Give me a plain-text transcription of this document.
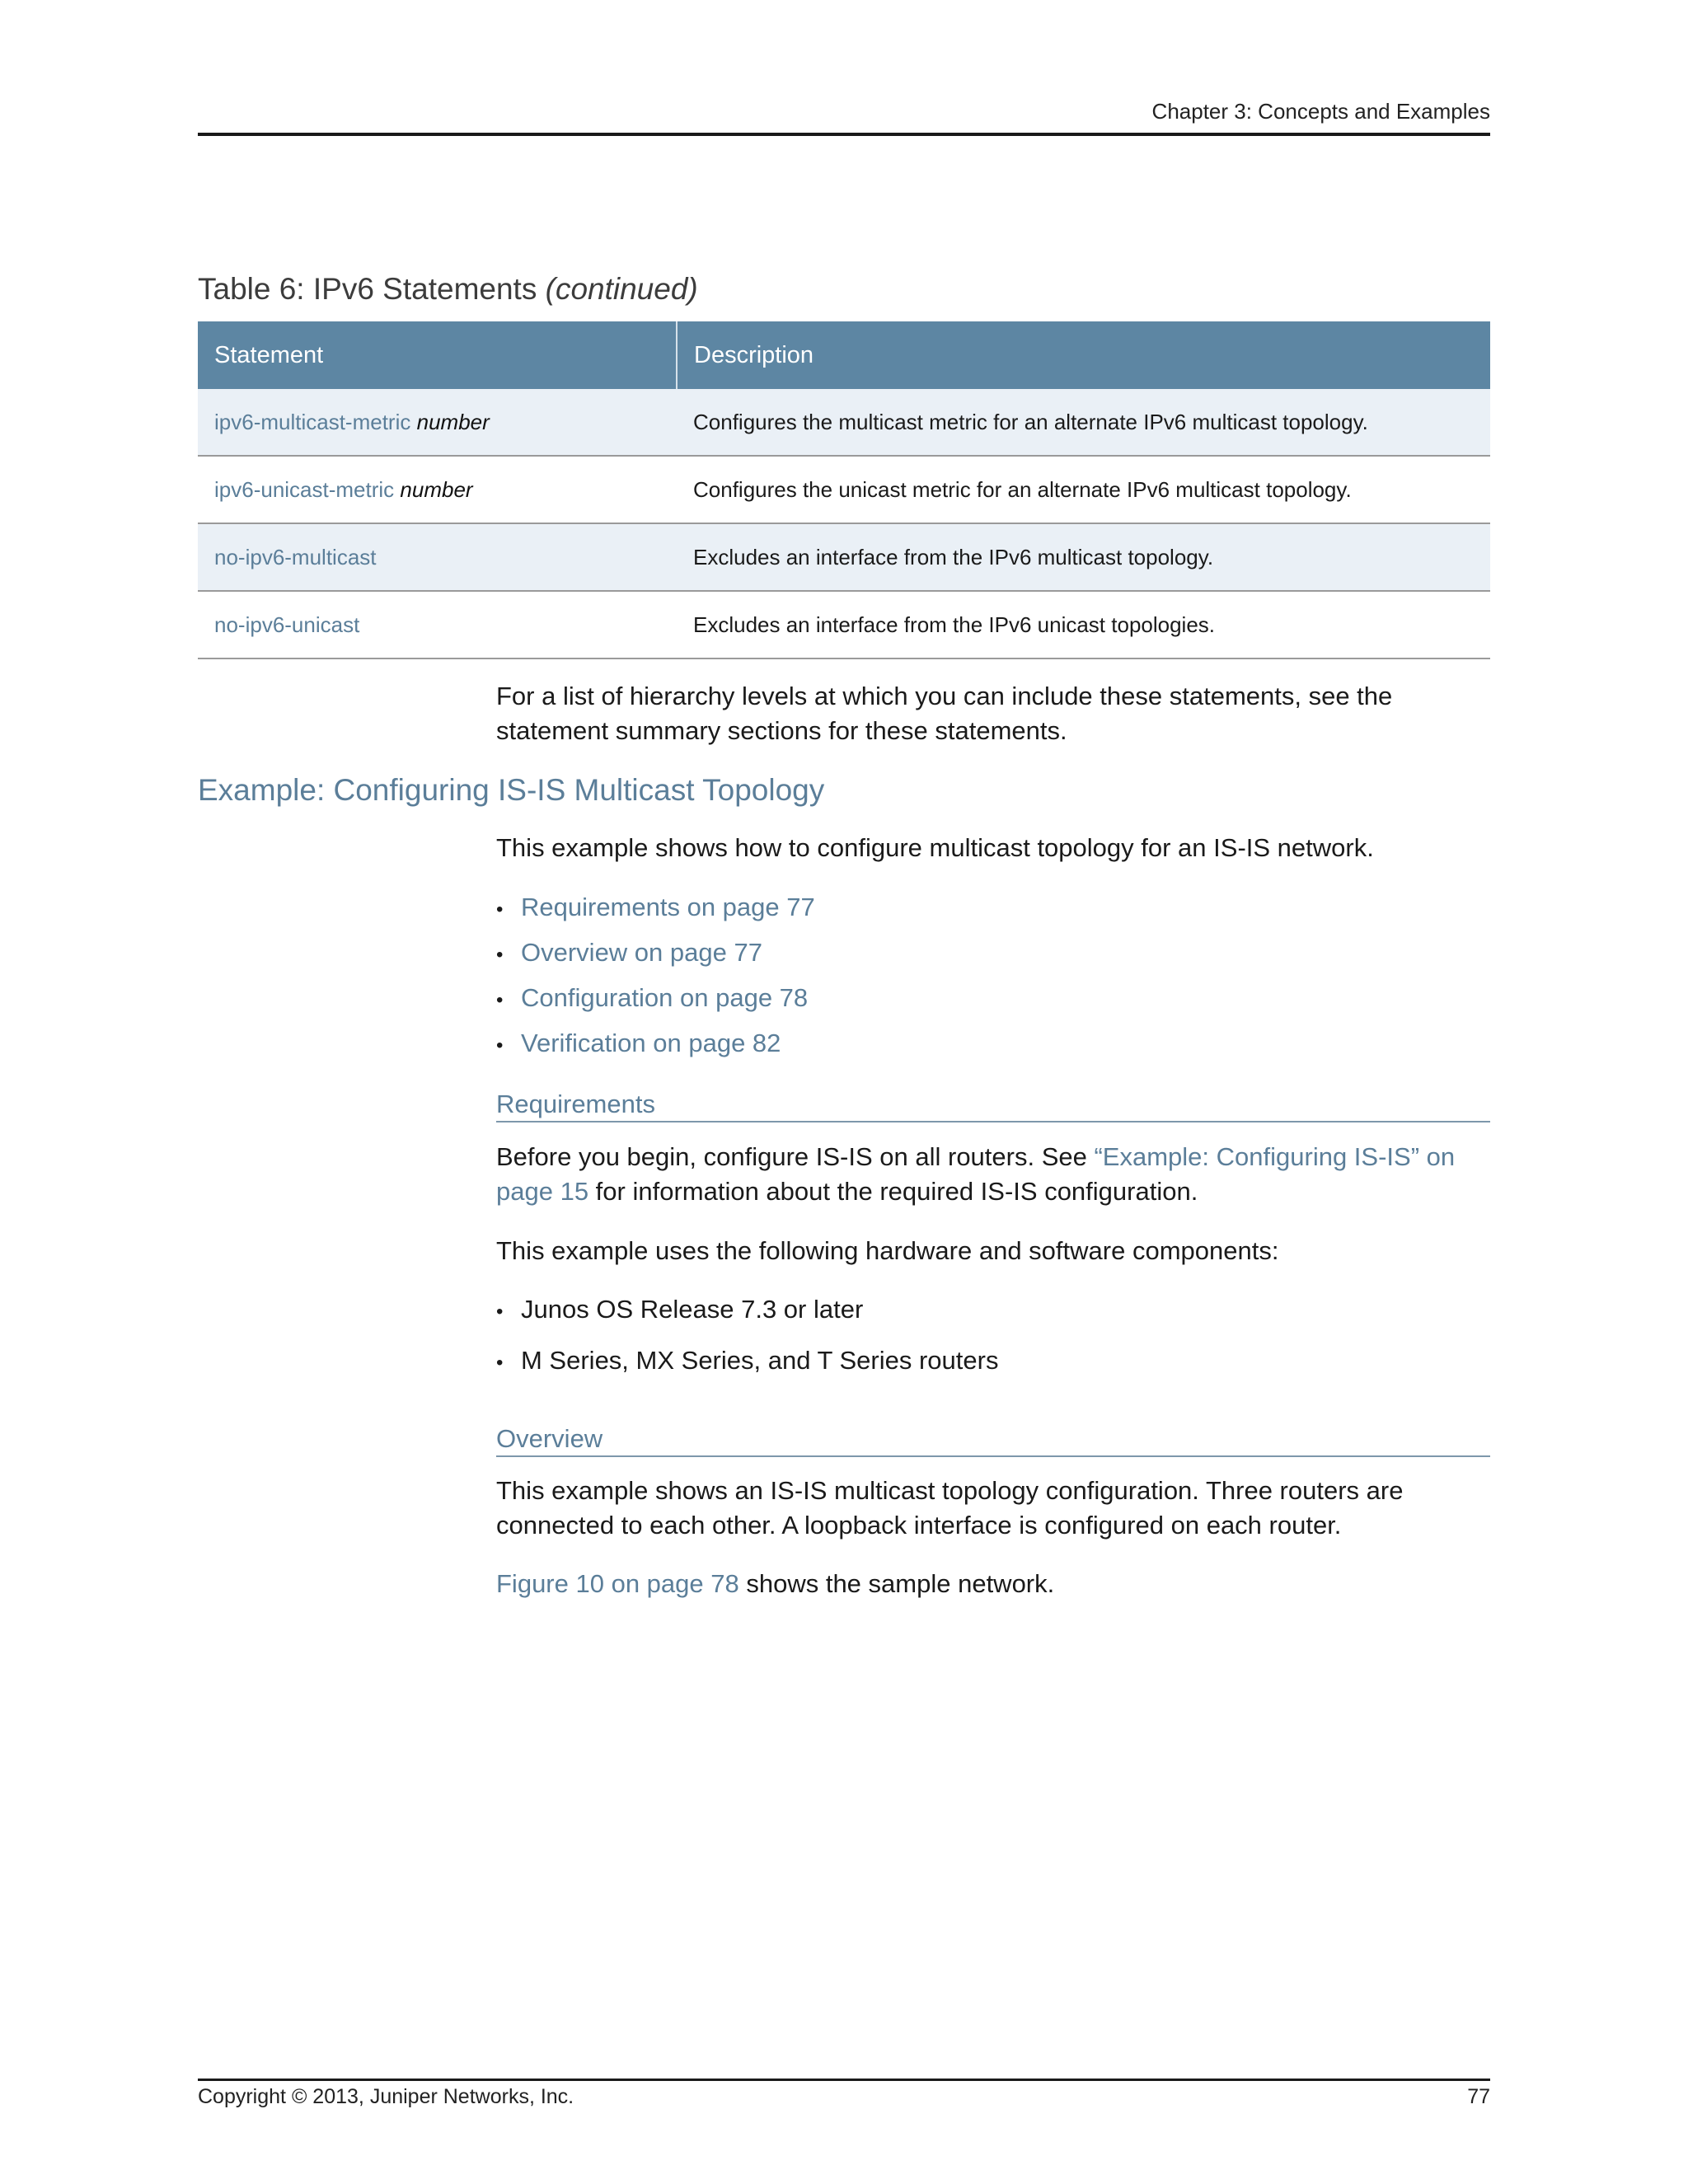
Chapter 3: Concepts and Examples
Table 6: IPv6 Statements (continued)
Statement	Description
ipv6-multicast-metric number	Configures the multicast metric for an alternate IPv6 multicast topology.
ipv6-unicast-metric number	Configures the unicast metric for an alternate IPv6 multicast topology.
no-ipv6-multicast	Excludes an interface from the IPv6 multicast topology.
no-ipv6-unicast	Excludes an interface from the IPv6 unicast topologies.
For a list of hierarchy levels at which you can include these statements, see the statement summary sections for these statements.
Example: Configuring IS-IS Multicast Topology
This example shows how to configure multicast topology for an IS-IS network.
• Requirements on page 77
• Overview on page 77
• Configuration on page 78
• Verification on page 82
Requirements
Before you begin, configure IS-IS on all routers. See “Example: Configuring IS-IS” on page 15 for information about the required IS-IS configuration.
This example uses the following hardware and software components:
• Junos OS Release 7.3 or later
• M Series, MX Series, and T Series routers
Overview
This example shows an IS-IS multicast topology configuration. Three routers are connected to each other. A loopback interface is configured on each router.
Figure 10 on page 78 shows the sample network.
Copyright © 2013, Juniper Networks, Inc.	77
